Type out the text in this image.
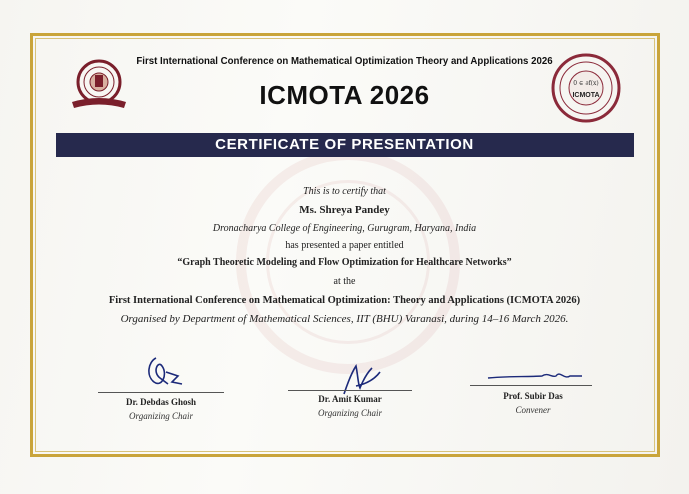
0 ∈ ∂f(x)
ICMOTA
First International Conference on Mathematical Optimization Theory and Applications 2026
ICMOTA 2026
CERTIFICATE OF PRESENTATION
This is to certify that
Ms. Shreya Pandey
Dronacharya College of Engineering, Gurugram, Haryana, India
has presented a paper entitled
“Graph Theoretic Modeling and Flow Optimization for Healthcare Networks”
at the
First International Conference on Mathematical Optimization: Theory and Applications (ICMOTA 2026)
Organised by Department of Mathematical Sciences, IIT (BHU) Varanasi, during 14–16 March 2026.
Dr. Debdas Ghosh
Organizing Chair
Dr. Amit Kumar
Organizing Chair
Prof. Subir Das
Convener
